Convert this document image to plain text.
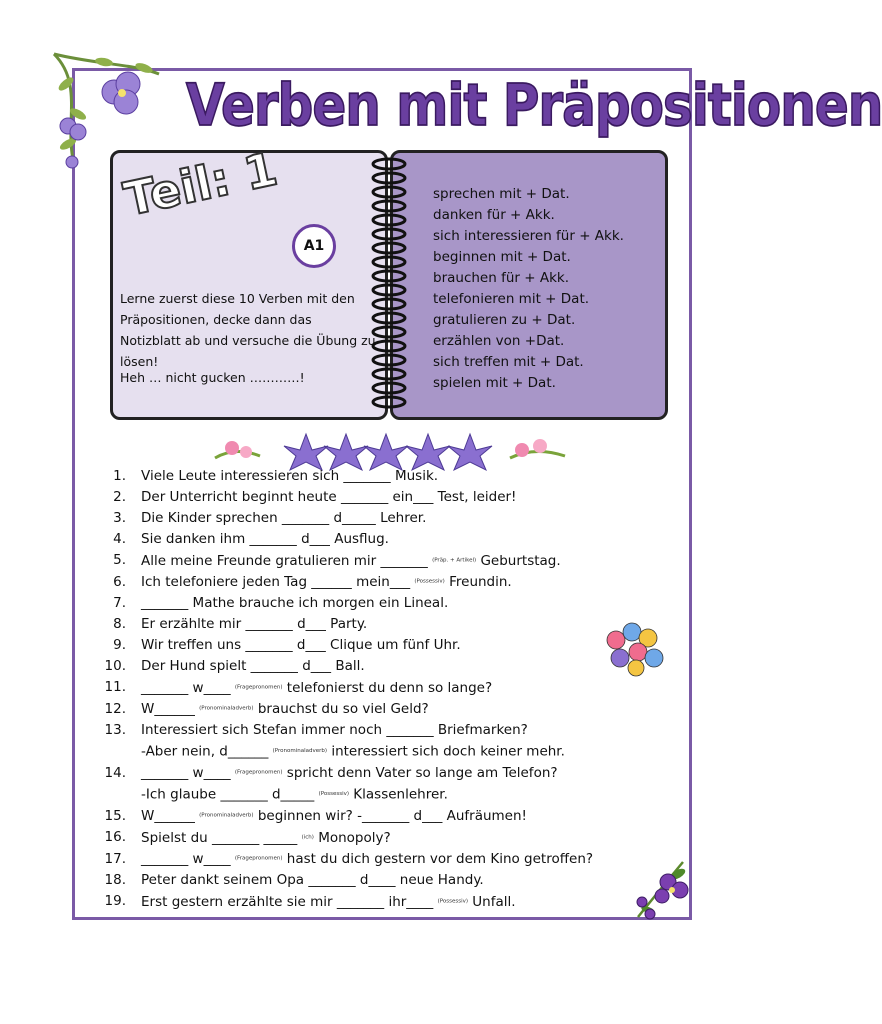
Verben mit Präpositionen
Teil: 1
A1
Lerne zuerst diese 10 Verben mit den Präpositionen, decke dann das Notizblatt ab und versuche die Übung zu lösen!
Heh … nicht gucken …………!
sprechen mit + Dat.
danken für + Akk.
sich interessieren für + Akk.
beginnen mit + Dat.
brauchen für + Akk.
telefonieren mit + Dat.
gratulieren zu + Dat.
erzählen von +Dat.
sich treffen mit + Dat.
spielen mit + Dat.
1. Viele Leute interessieren sich _______ Musik.
2. Der Unterricht beginnt heute _______ ein___ Test, leider!
3. Die Kinder sprechen _______ d_____ Lehrer.
4. Sie danken ihm _______ d___ Ausflug.
5. Alle meine Freunde gratulieren mir _______ (Präp. + Artikel) Geburtstag.
6. Ich telefoniere jeden Tag ______ mein___ (Possessiv) Freundin.
7. _______ Mathe brauche ich morgen ein Lineal.
8. Er erzählte mir _______ d___ Party.
9. Wir treffen uns _______ d___ Clique um fünf Uhr.
10. Der Hund spielt _______ d___ Ball.
11. _______ w____ (Fragepronomen) telefonierst du denn so lange?
12. W______ (Pronominaladverb) brauchst du so viel Geld?
13. Interessiert sich Stefan immer noch _______ Briefmarken?
-Aber nein, d______ (Pronominaladverb) interessiert sich doch keiner mehr.
14. _______ w____ (Fragepronomen) spricht denn Vater so lange am Telefon?
-Ich glaube _______ d_____ (Possessiv) Klassenlehrer.
15. W______ (Pronominaladverb) beginnen wir? -_______ d___ Aufräumen!
16. Spielst du _______ _____ (ich) Monopoly?
17. _______ w____ (Fragepronomen) hast du dich gestern vor dem Kino getroffen?
18. Peter dankt seinem Opa _______ d____ neue Handy.
19. Erst gestern erzählte sie mir _______ ihr____ (Possessiv) Unfall.
